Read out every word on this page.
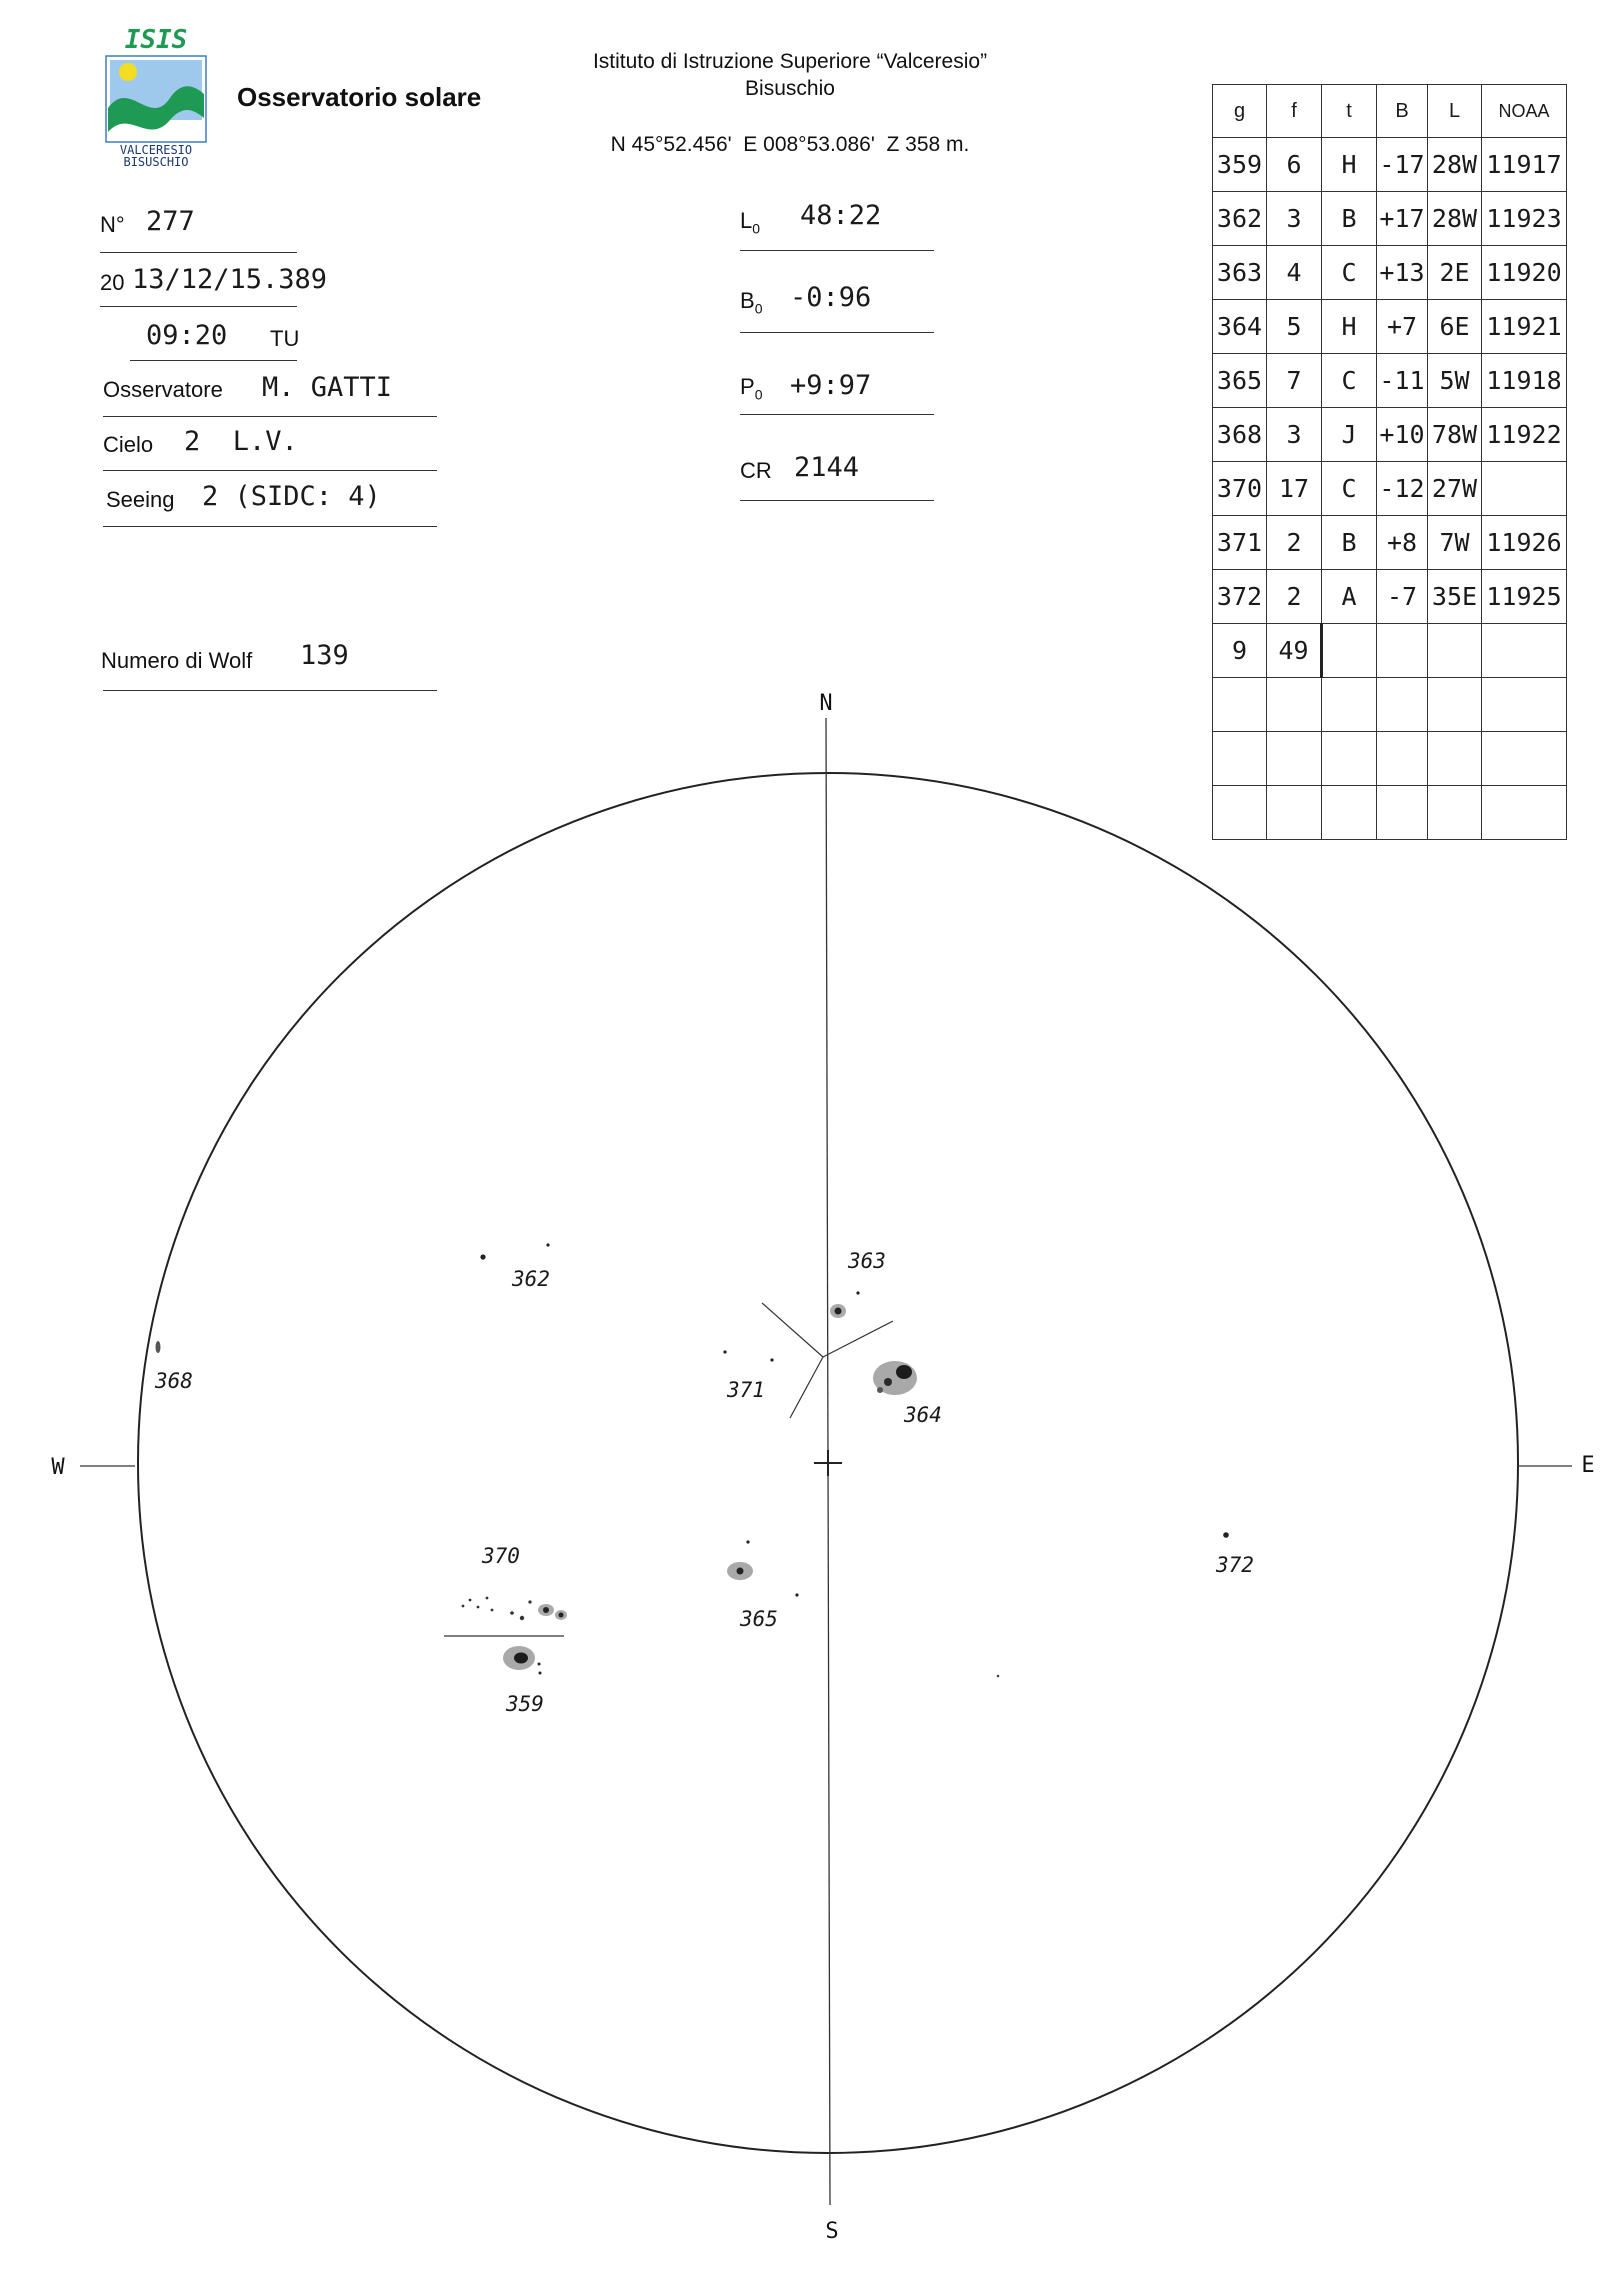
ISIS
VALCERESIO
BISUSCHIO
Osservatorio solare
Istituto di Istruzione Superiore “Valceresio”
Bisuschio
N 45°52.456'  E 008°53.086'  Z 358 m.
N° 277
20 13/12/15.389
09:20 TU
Osservatore M. GATTI
Cielo 2  L.V.
Seeing 2 (SIDC: 4)
Numero di Wolf 139
$L_0$ 48:22
$B_0$ -0:96
$P_0$ +9:97
CR 2144
g	f	t	B	L	NOAA
359	6	H	-17	28W	11917
362	3	B	+17	28W	11923
363	4	C	+13	2E	11920
364	5	H	+7	6E	11921
365	7	C	-11	5W	11918
368	3	J	+10	78W	11922
370	17	C	-12	27W	
371	2	B	+8	7W	11926
372	2	A	-7	35E	11925
9	49				

N
S
W	E
362
363
364
371
368
365
372
370
359
